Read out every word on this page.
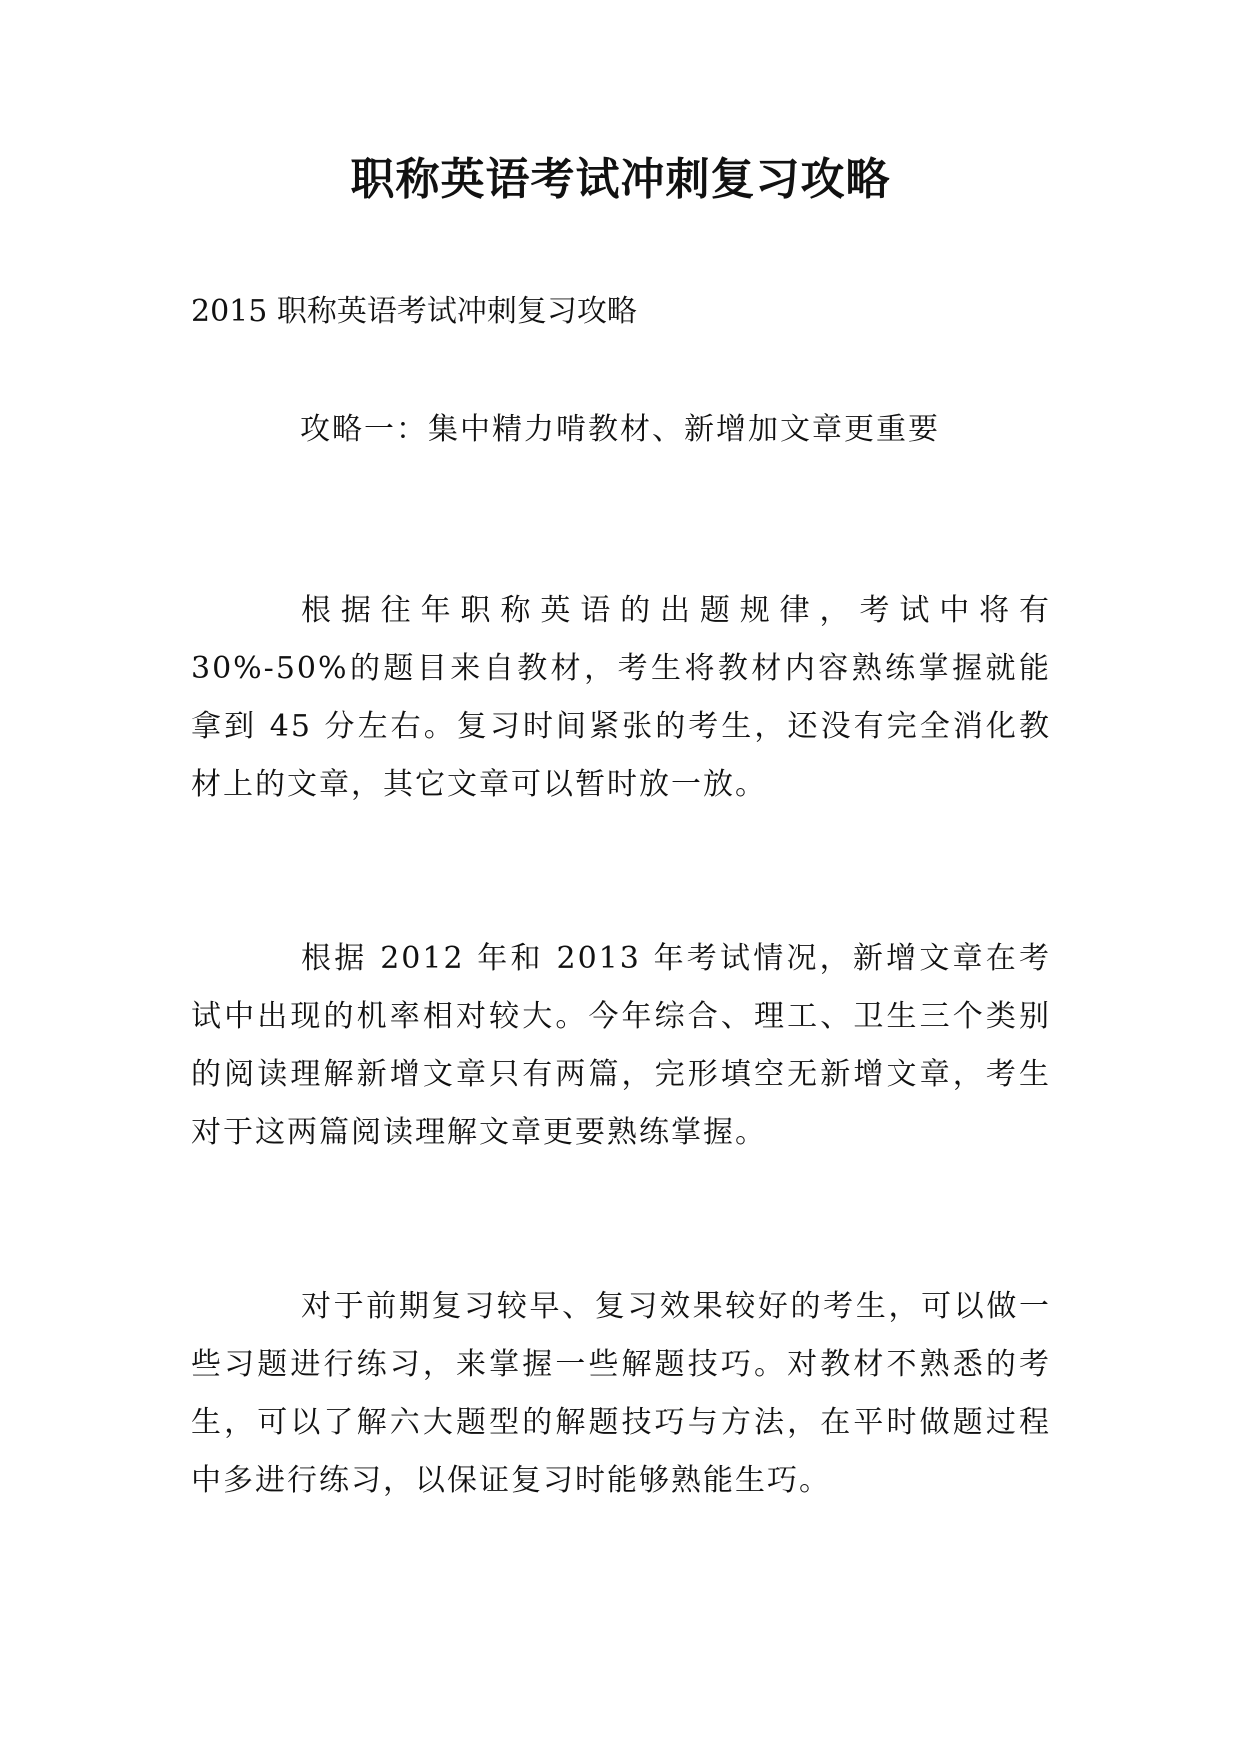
职称英语考试冲刺复习攻略
2015 职称英语考试冲刺复习攻略
攻略一：集中精力啃教材、新增加文章更重要

根据往年职称英语的出题规律，考试中将有 30%-50%的题目来自教材，考生将教材内容熟练掌握就能拿到 45 分左右。复习时间紧张的考生，还没有完全消化教材上的文章，其它文章可以暂时放一放。

根据 2012 年和 2013 年考试情况，新增文章在考试中出现的机率相对较大。今年综合、理工、卫生三个类别的阅读理解新增文章只有两篇，完形填空无新增文章，考生对于这两篇阅读理解文章更要熟练掌握。

对于前期复习较早、复习效果较好的考生，可以做一些习题进行练习，来掌握一些解题技巧。对教材不熟悉的考生，可以了解六大题型的解题技巧与方法，在平时做题过程中多进行练习，以保证复习时能够熟能生巧。
